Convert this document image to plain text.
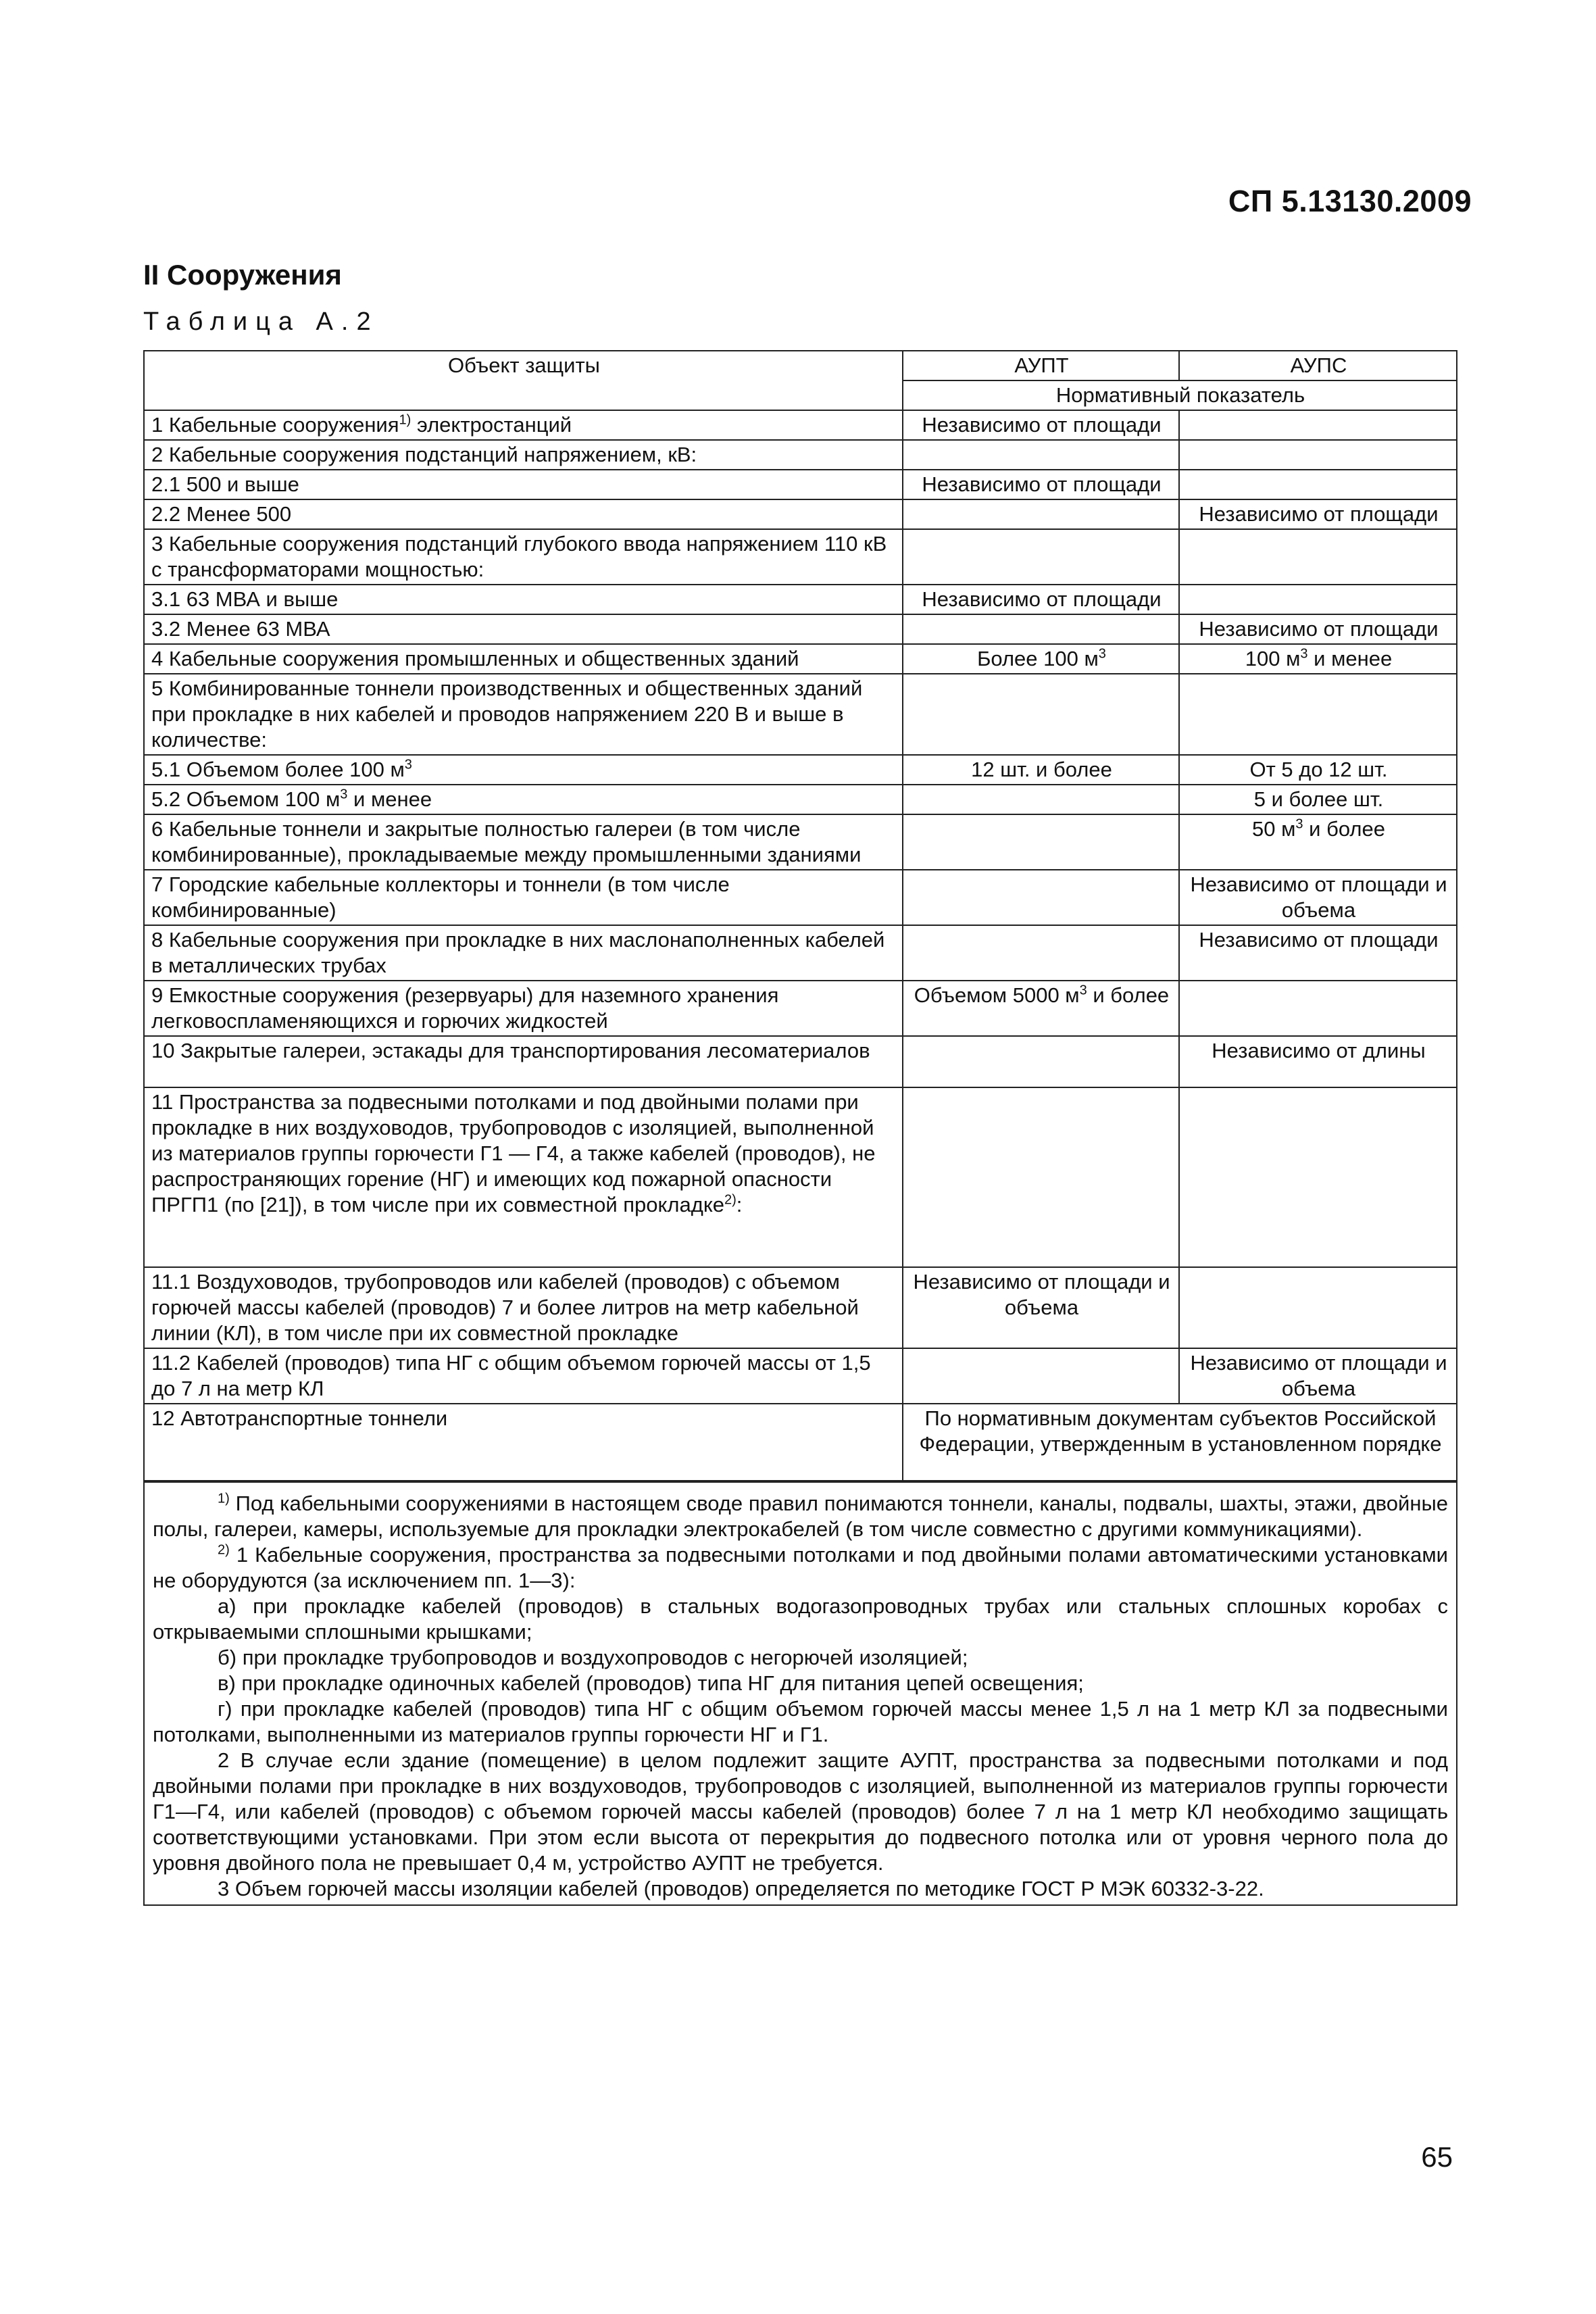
СП 5.13130.2009
II Сооружения
Таблица А.2
Объект защиты	АУПТ	АУПС
	Нормативный показатель	
1 Кабельные сооружения$^{1)}$ электростанций	Независимо от площади	
2 Кабельные сооружения подстанций напряжением, кВ:		
2.1 500 и выше	Независимо от площади	
2.2 Менее 500		Независимо от площади
3 Кабельные сооружения подстанций глубокого ввода напряжением 110 кВ с трансформаторами мощностью:		
3.1 63 МВА и выше	Независимо от площади	
3.2 Менее 63 МВА		Независимо от площади
4 Кабельные сооружения промышленных и общественных зданий	Более 100 $м^3$	100 $м^3$ и менее
5 Комбинированные тоннели производственных и общественных зданий при прокладке в них кабелей и проводов напряжением 220 В и выше в количестве:		
5.1 Объемом более 100 $м^3$	12 шт. и более	От 5 до 12 шт.
5.2 Объемом 100 $м^3$ и менее		5 и более шт.
6 Кабельные тоннели и закрытые полностью галереи (в том числе комбинированные), прокладываемые между промышленными зданиями		50 $м^3$ и более
7 Городские кабельные коллекторы и тоннели (в том числе комбинированные)		Независимо от площади и объема
8 Кабельные сооружения при прокладке в них маслонаполненных кабелей в металлических трубах		Независимо от площади
9 Емкостные сооружения (резервуары) для наземного хранения легковоспламеняющихся и горючих жидкостей	Объемом 5000 $м^3$ и более	
10 Закрытые галереи, эстакады для транспортирования лесоматериалов		Независимо от длины
11 Пространства за подвесными потолками и под двойными полами при прокладке в них воздуховодов, трубопроводов с изоляцией, выполненной из материалов группы горючести Г1 — Г4, а также кабелей (проводов), не распространяющих горение (НГ) и имеющих код пожарной опасности ПРГП1 (по [21]), в том числе при их совместной прокладке$^{2)}$:		
11.1 Воздуховодов, трубопроводов или кабелей (проводов) с объемом горючей массы кабелей (проводов) 7 и более литров на метр кабельной линии (КЛ), в том числе при их совместной прокладке	Независимо от площади и объема	
11.2 Кабелей (проводов) типа НГ с общим объемом горючей массы от 1,5 до 7 л на метр КЛ		Независимо от площади и объема
12 Автотранспортные тоннели	По нормативным документам субъектов Российской Федерации, утвержденным в установленном порядке	

$^{1)}$ Под кабельными сооружениями в настоящем своде правил понимаются тоннели, каналы, подвалы, шахты, этажи, двойные полы, галереи, камеры, используемые для прокладки электрокабелей (в том числе совместно с другими коммуникациями).

$^{2)}$ 1 Кабельные сооружения, пространства за подвесными потолками и под двойными полами автоматическими установками не оборудуются (за исключением пп. 1—3):

а) при прокладке кабелей (проводов) в стальных водогазопроводных трубах или стальных сплошных коробах с открываемыми сплошными крышками;

б) при прокладке трубопроводов и воздухопроводов с негорючей изоляцией;

в) при прокладке одиночных кабелей (проводов) типа НГ для питания цепей освещения;

г) при прокладке кабелей (проводов) типа НГ с общим объемом горючей массы менее 1,5 л на 1 метр КЛ за подвесными потолками, выполненными из материалов группы горючести НГ и Г1.

2 В случае если здание (помещение) в целом подлежит защите АУПТ, пространства за подвесными потолками и под двойными полами при прокладке в них воздуховодов, трубопроводов с изоляцией, выполненной из материалов группы горючести Г1—Г4, или кабелей (проводов) с объемом горючей массы кабелей (проводов) более 7 л на 1 метр КЛ необходимо защищать соответствующими установками. При этом если высота от перекрытия до подвесного потолка или от уровня черного пола до уровня двойного пола не превышает 0,4 м, устройство АУПТ не требуется.

3 Объем горючей массы изоляции кабелей (проводов) определяется по методике ГОСТ Р МЭК 60332-3-22.

65
